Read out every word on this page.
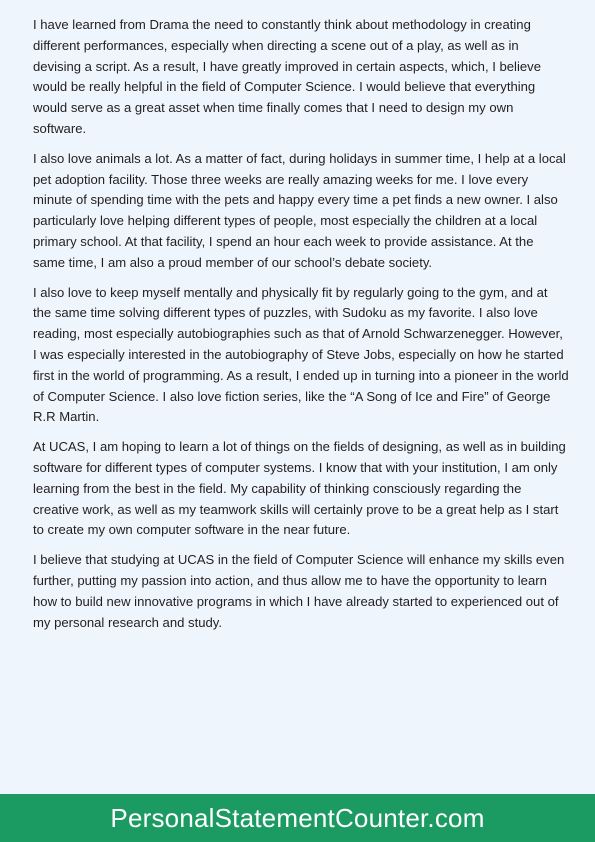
I have learned from Drama the need to constantly think about methodology in creating different performances, especially when directing a scene out of a play, as well as in devising a script. As a result, I have greatly improved in certain aspects, which, I believe would be really helpful in the field of Computer Science. I would believe that everything would serve as a great asset when time finally comes that I need to design my own software.

I also love animals a lot. As a matter of fact, during holidays in summer time, I help at a local pet adoption facility. Those three weeks are really amazing weeks for me. I love every minute of spending time with the pets and happy every time a pet finds a new owner. I also particularly love helping different types of people, most especially the children at a local primary school. At that facility, I spend an hour each week to provide assistance. At the same time, I am also a proud member of our school’s debate society.

I also love to keep myself mentally and physically fit by regularly going to the gym, and at the same time solving different types of puzzles, with Sudoku as my favorite. I also love reading, most especially autobiographies such as that of Arnold Schwarzenegger. However, I was especially interested in the autobiography of Steve Jobs, especially on how he started first in the world of programming. As a result, I ended up in turning into a pioneer in the world of Computer Science. I also love fiction series, like the “A Song of Ice and Fire” of George R.R Martin.

At UCAS, I am hoping to learn a lot of things on the fields of designing, as well as in building software for different types of computer systems. I know that with your institution, I am only learning from the best in the field. My capability of thinking consciously regarding the creative work, as well as my teamwork skills will certainly prove to be a great help as I start to create my own computer software in the near future.

I believe that studying at UCAS in the field of Computer Science will enhance my skills even further, putting my passion into action, and thus allow me to have the opportunity to learn how to build new innovative programs in which I have already started to experienced out of my personal research and study.

PersonalStatementCounter.com
